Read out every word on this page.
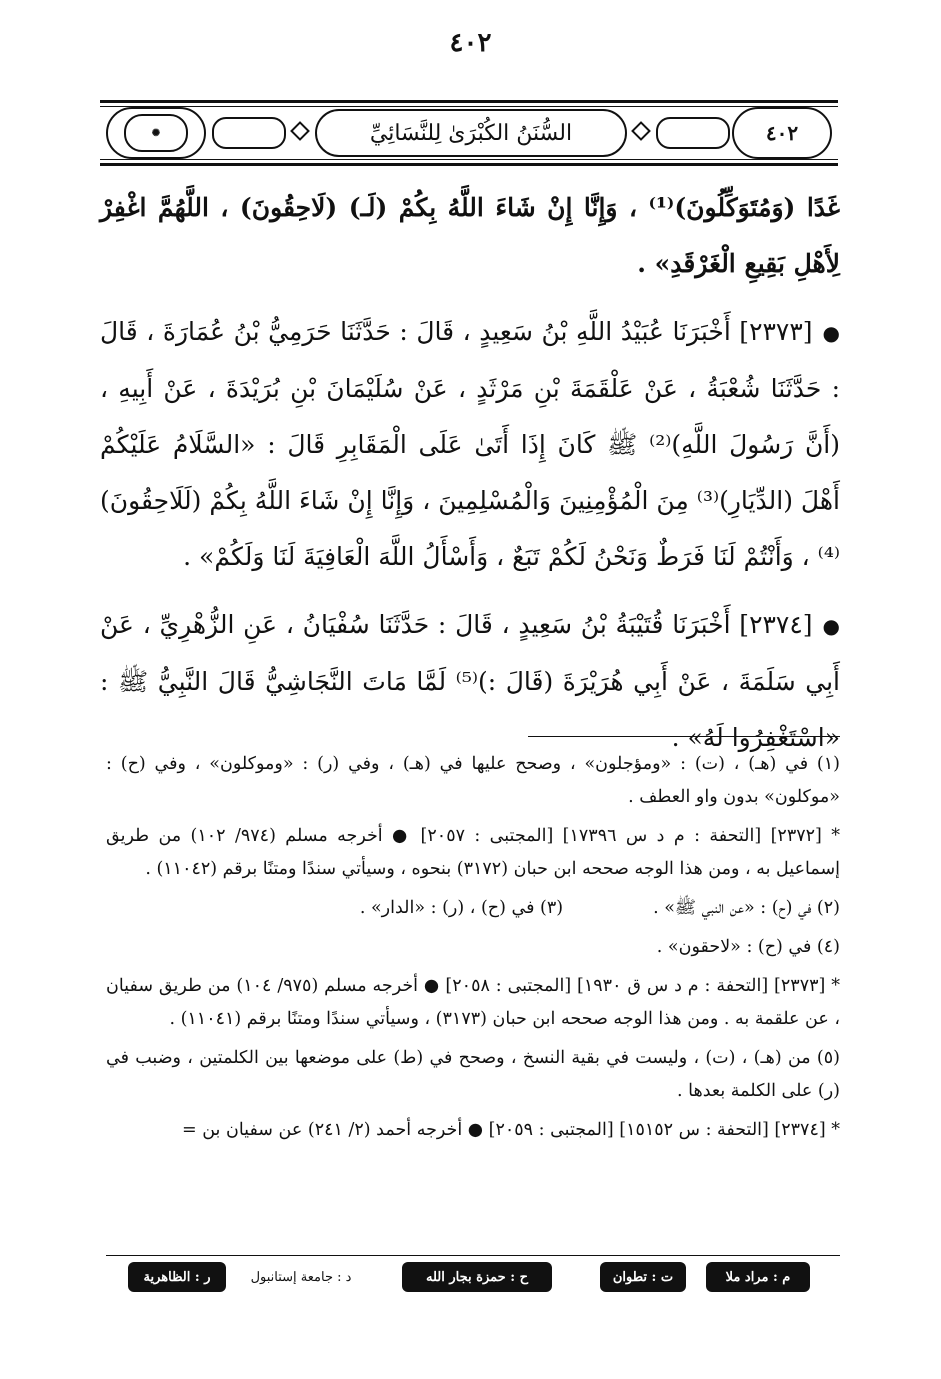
٤٠٢
✺	السُّنَنُ الكُبْرَىٰ لِلنَّسَائِيِّ	٤٠٢

غَدًا (وَمُتَوَكِّلُونَ)⁽¹⁾ ، وَإِنَّا إِنْ شَاءَ اللَّهُ بِكُمْ (لَـ) (لَاحِقُونَ) ، اللَّهُمَّ اغْفِرْ لِأَهْلِ بَقِيعِ الْغَرْقَدِ» .

●[٢٣٧٣] أَخْبَرَنَا عُبَيْدُ اللَّهِ بْنُ سَعِيدٍ ، قَالَ : حَدَّثَنَا حَرَمِيُّ بْنُ عُمَارَةَ ، قَالَ : حَدَّثَنَا شُعْبَةُ ، عَنْ عَلْقَمَةَ بْنِ مَرْثَدٍ ، عَنْ سُلَيْمَانَ بْنِ بُرَيْدَةَ ، عَنْ أَبِيهِ ، (أَنَّ رَسُولَ اللَّهِ)⁽²⁾ ﷺ كَانَ إِذَا أَتَىٰ عَلَى الْمَقَابِرِ قَالَ : «السَّلَامُ عَلَيْكُمْ أَهْلَ (الدِّيَارِ)⁽³⁾ مِنَ الْمُؤْمِنِينَ وَالْمُسْلِمِينَ ، وَإِنَّا إِنْ شَاءَ اللَّهُ بِكُمْ (لَلَاحِقُونَ)⁽⁴⁾ ، وَأَنْتُمْ لَنَا فَرَطٌ وَنَحْنُ لَكُمْ تَبَعٌ ، وَأَسْأَلُ اللَّهَ الْعَافِيَةَ لَنَا وَلَكُمْ» .

●[٢٣٧٤] أَخْبَرَنَا قُتَيْبَةُ بْنُ سَعِيدٍ ، قَالَ : حَدَّثَنَا سُفْيَانُ ، عَنِ الزُّهْرِيِّ ، عَنْ أَبِي سَلَمَةَ ، عَنْ أَبِي هُرَيْرَةَ (قَالَ :)⁽⁵⁾ لَمَّا مَاتَ النَّجَاشِيُّ قَالَ النَّبِيُّ ﷺ : «اسْتَغْفِرُوا لَهُ» .

(١) في (هـ) ، (ت) : «ومؤجلون» ، وصحح عليها في (هـ) ، وفي (ر) : «وموكلون» ، وفي (ح) : «موكلون» بدون واو العطف .

* [٢٣٧٢] [التحفة : م د س ١٧٣٩٦] [المجتبى : ٢٠٥٧] ● أخرجه مسلم (٩٧٤/ ١٠٢) من طريق إسماعيل به ، ومن هذا الوجه صححه ابن حبان (٣١٧٢) بنحوه ، وسيأتي سندًا ومتنًا برقم (١١٠٤٢) .

(٢) في (ح) : «عن النبي ﷺ» .

(٣) في (ح) ، (ر) : «الدار» .

(٤) في (ح) : «لاحقون» .

* [٢٣٧٣] [التحفة : م د س ق ١٩٣٠] [المجتبى : ٢٠٥٨] ● أخرجه مسلم (٩٧٥/ ١٠٤) من طريق سفيان ، عن علقمة به . ومن هذا الوجه صححه ابن حبان (٣١٧٣) ، وسيأتي سندًا ومتنًا برقم (١١٠٤١) .

(٥) من (هـ) ، (ت) ، وليست في بقية النسخ ، وصحح في (ط) على موضعها بين الكلمتين ، وضبب في (ر) على الكلمة بعدها .

* [٢٣٧٤] [التحفة : س ١٥١٥٢] [المجتبى : ٢٠٥٩] ● أخرجه أحمد (٢/ ٢٤١) عن سفيان بن =

م : مراد ملا
ت : تطوان
ح : حمزة بجار الله
د : جامعة إستانبول
ر : الظاهرية
